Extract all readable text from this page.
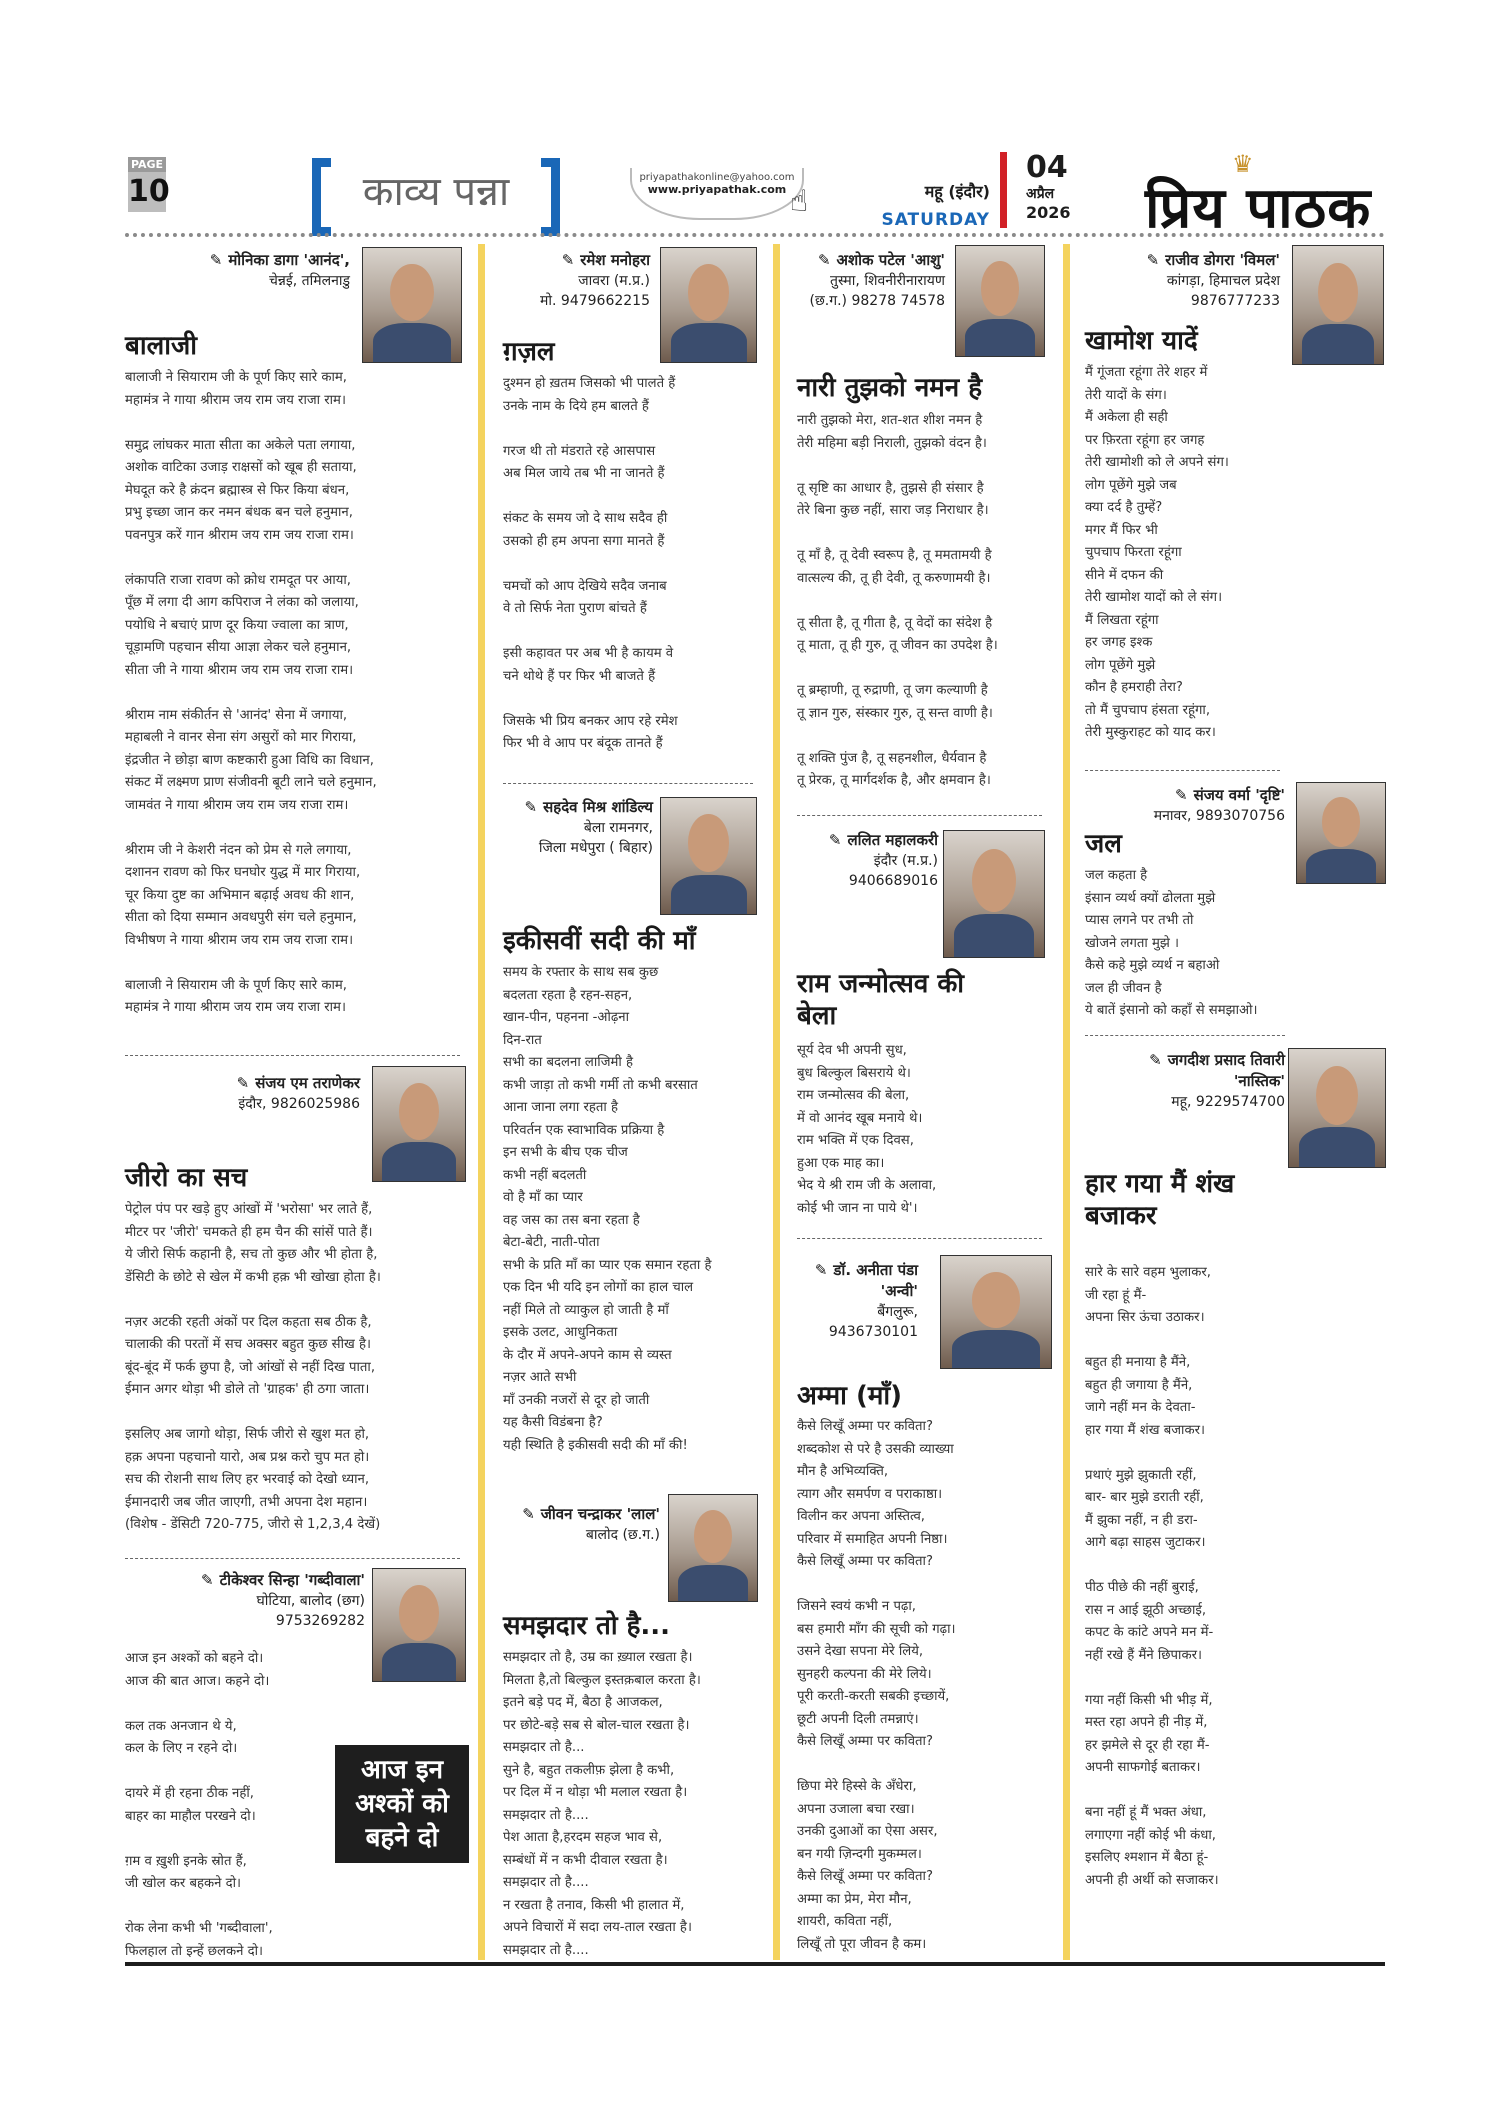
PAGE
10	काव्य पन्ना	priyapathakonline@yahoo.com
www.priyapathak.com ☝	महू (इंदौर)
SATURDAY
04
अप्रैल
2026
♛
प्रिय पाठक
✎ मोनिका डागा 'आनंद',
चेन्नई, तमिलनाडु
बालाजी
बालाजी ने सियाराम जी के पूर्ण किए सारे काम,
महामंत्र ने गाया श्रीराम जय राम जय राजा राम।

समुद्र लांघकर माता सीता का अकेले पता लगाया,
अशोक वाटिका उजाड़ राक्षसों को खूब ही सताया,
मेघदूत करे है क्रंदन ब्रह्मास्त्र से फिर किया बंधन,
प्रभु इच्छा जान कर नमन बंधक बन चले हनुमान,
पवनपुत्र करें गान श्रीराम जय राम जय राजा राम।

लंकापति राजा रावण को क्रोध रामदूत पर आया,
पूँछ में लगा दी आग कपिराज ने लंका को जलाया,
पयोधि ने बचाएं प्राण दूर किया ज्वाला का त्राण,
चूड़ामणि पहचान सीया आज्ञा लेकर चले हनुमान,
सीता जी ने गाया श्रीराम जय राम जय राजा राम।

श्रीराम नाम संकीर्तन से 'आनंद' सेना में जगाया,
महाबली ने वानर सेना संग असुरों को मार गिराया,
इंद्रजीत ने छोड़ा बाण कष्टकारी हुआ विधि का विधान,
संकट में लक्ष्मण प्राण संजीवनी बूटी लाने चले हनुमान,
जामवंत ने गाया श्रीराम जय राम जय राजा राम।

श्रीराम जी ने केशरी नंदन को प्रेम से गले लगाया,
दशानन रावण को फिर घनघोर युद्ध में मार गिराया,
चूर किया दुष्ट का अभिमान बढ़ाई अवध की शान,
सीता को दिया सम्मान अवधपुरी संग चले हनुमान,
विभीषण ने गाया श्रीराम जय राम जय राजा राम।

बालाजी ने सियाराम जी के पूर्ण किए सारे काम,
महामंत्र ने गाया श्रीराम जय राम जय राजा राम।
✎ संजय एम तराणेकर
इंदौर, 9826025986
जीरो का सच
पेट्रोल पंप पर खड़े हुए आंखों में 'भरोसा' भर लाते हैं,
मीटर पर 'जीरो' चमकते ही हम चैन की सांसें पाते हैं।
ये जीरो सिर्फ कहानी है, सच तो कुछ और भी होता है,
डेंसिटी के छोटे से खेल में कभी हक़ भी खोखा होता है।

नज़र अटकी रहती अंकों पर दिल कहता सब ठीक है,
चालाकी की परतों में सच अक्सर बहुत कुछ सीख है।
बूंद-बूंद में फर्क छुपा है, जो आंखों से नहीं दिख पाता,
ईमान अगर थोड़ा भी डोले तो 'ग्राहक' ही ठगा जाता।

इसलिए अब जागो थोड़ा, सिर्फ जीरो से खुश मत हो,
हक़ अपना पहचानो यारो, अब प्रश्न करो चुप मत हो।
सच की रोशनी साथ लिए हर भरवाई को देखो ध्यान,
ईमानदारी जब जीत जाएगी, तभी अपना देश महान।
(विशेष - डेंसिटी 720-775, जीरो से 1,2,3,4 देखें)
✎ टीकेश्वर सिन्हा 'गब्दीवाला'
घोटिया, बालोद (छग)
9753269282
आज इन अश्कों को बहने दो।
आज की बात आज। कहने दो।

कल तक अनजान थे ये,
कल के लिए न रहने दो।

दायरे में ही रहना ठीक नहीं,
बाहर का माहौल परखने दो।

ग़म व ख़ुशी इनके स्रोत हैं,
जी खोल कर बहकने दो।

रोक लेना कभी भी 'गब्दीवाला',
फिलहाल तो इन्हें छलकने दो।
आज इन
अश्कों को
बहने दो
✎ रमेश मनोहरा
जावरा (म.प्र.)
मो. 9479662215
ग़ज़ल
दुश्मन हो ख़तम जिसको भी पालते हैं
उनके नाम के दिये हम बालते हैं

गरज थी तो मंडराते रहे आसपास
अब मिल जाये तब भी ना जानते हैं

संकट के समय जो दे साथ सदैव ही
उसको ही हम अपना सगा मानते हैं

चमचों को आप देखिये सदैव जनाब
वे तो सिर्फ नेता पुराण बांचते हैं

इसी कहावत पर अब भी है कायम वे
चने थोथे हैं पर फिर भी बाजते हैं

जिसके भी प्रिय बनकर आप रहे रमेश
फिर भी वे आप पर बंदूक तानते हैं
✎ सहदेव मिश्र शांडिल्य
बेला रामनगर,
जिला मधेपुरा ( बिहार)
इकीसवीं सदी की माँ
समय के रफ्तार के साथ सब कुछ
बदलता रहता है रहन-सहन,
खान-पीन, पहनना -ओढ़ना
दिन-रात
सभी का बदलना लाजिमी है
कभी जाड़ा तो कभी गर्मी तो कभी बरसात
आना जाना लगा रहता है
परिवर्तन एक स्वाभाविक प्रक्रिया है
इन सभी के बीच एक चीज
कभी नहीं बदलती
वो है माँ का प्यार
वह जस का तस बना रहता है
बेटा-बेटी, नाती-पोता
सभी के प्रति माँ का प्यार एक समान रहता है
एक दिन भी यदि इन लोगों का हाल चाल
नहीं मिले तो व्याकुल हो जाती है माँ
इसके उलट, आधुनिकता
के दौर में अपने-अपने काम से व्यस्त
नज़र आते सभी
माँ उनकी नजरों से दूर हो जाती
यह कैसी विडंबना है?
यही स्थिति है इकीसवी सदी की माँ की!
✎ जीवन चन्द्राकर 'लाल'
बालोद (छ.ग.)
समझदार तो है...
समझदार तो है, उम्र का ख़्याल रखता है।
मिलता है,तो बिल्कुल इस्तक़बाल करता है।
इतने बड़े पद में, बैठा है आजकल,
पर छोटे-बड़े सब से बोल-चाल रखता है।
समझदार तो है...
सुने है, बहुत तकलीफ़ झेला है कभी,
पर दिल में न थोड़ा भी मलाल रखता है।
समझदार तो है....
पेश आता है,हरदम सहज भाव से,
सम्बंधों में न कभी दीवाल रखता है।
समझदार तो है....
न रखता है तनाव, किसी भी हालात में,
अपने विचारों में सदा लय-ताल रखता है।
समझदार तो है....
✎ अशोक पटेल 'आशु'
तुस्मा, शिवनीरीनारायण
(छ.ग.) 98278 74578
नारी तुझको नमन है
नारी तुझको मेरा, शत-शत शीश नमन है
तेरी महिमा बड़ी निराली, तुझको वंदन है।

तू सृष्टि का आधार है, तुझसे ही संसार है
तेरे बिना कुछ नहीं, सारा जड़ निराधार है।

तू माँ है, तू देवी स्वरूप है, तू ममतामयी है
वात्सल्य की, तू ही देवी, तू करुणामयी है।

तू सीता है, तू गीता है, तू वेदों का संदेश है
तू माता, तू ही गुरु, तू जीवन का उपदेश है।

तू ब्रम्हाणी, तू रुद्राणी, तू जग कल्याणी है
तू ज्ञान गुरु, संस्कार गुरु, तू सन्त वाणी है।

तू शक्ति पुंज है, तू सहनशील, धैर्यवान है
तू प्रेरक, तू मार्गदर्शक है, और क्षमवान है।
✎ ललित महालकरी
इंदौर (म.प्र.)
9406689016
राम जन्मोत्सव की बेला
सूर्य देव भी अपनी सुध,
बुध बिल्कुल बिसराये थे।
राम जन्मोत्सव की बेला,
में वो आनंद खूब मनाये थे।
राम भक्ति में एक दिवस,
हुआ एक माह का।
भेद ये श्री राम जी के अलावा,
कोई भी जान ना पाये थे'।
✎ डॉ. अनीता पंडा 'अन्वी'
बैंगलुरू,
9436730101
अम्मा (माँ)
कैसे लिखूँ अम्मा पर कविता?
शब्दकोश से परे है उसकी व्याख्या
मौन है अभिव्यक्ति,
त्याग और समर्पण व पराकाष्ठा।
विलीन कर अपना अस्तित्व,
परिवार में समाहित अपनी निष्ठा।
कैसे लिखूँ अम्मा पर कविता?

जिसने स्वयं कभी न पढ़ा,
बस हमारी माँग की सूची को गढ़ा।
उसने देखा सपना मेरे लिये,
सुनहरी कल्पना की मेरे लिये।
पूरी करती-करती सबकी इच्छायें,
छूटी अपनी दिली तमन्नाएं।
कैसे लिखूँ अम्मा पर कविता?

छिपा मेरे हिस्से के अँधेरा,
अपना उजाला बचा रखा।
उनकी दुआओं का ऐसा असर,
बन गयी ज़िन्दगी मुकम्मल।
कैसे लिखूँ अम्मा पर कविता?
अम्मा का प्रेम, मेरा मौन,
शायरी, कविता नहीं,
लिखूँ तो पूरा जीवन है कम।
✎ राजीव डोगरा 'विमल'
कांगड़ा, हिमाचल प्रदेश
9876777233
खामोश यादें
मैं गूंजता रहूंगा तेरे शहर में
तेरी यादों के संग।
मैं अकेला ही सही
पर फ़िरता रहूंगा हर जगह
तेरी खामोशी को ले अपने संग।
लोग पूछेंगे मुझे जब
क्या दर्द है तुम्हें?
मगर मैं फिर भी
चुपचाप फिरता रहूंगा
सीने में दफन की
तेरी खामोश यादों को ले संग।
मैं लिखता रहूंगा
हर जगह इश्क
लोग पूछेंगे मुझे
कौन है हमराही तेरा?
तो मैं चुपचाप हंसता रहूंगा,
तेरी मुस्कुराहट को याद कर।
✎ संजय वर्मा 'दृष्टि'
मनावर, 9893070756
जल
जल कहता है
इंसान व्यर्थ क्यों ढोलता मुझे
प्यास लगने पर तभी तो
खोजने लगता मुझे ।
कैसे कहे मुझे व्यर्थ न बहाओ
जल ही जीवन है
ये बातें इंसानो को कहाँ से समझाओ।
✎ जगदीश प्रसाद तिवारी 'नास्तिक'
महू, 9229574700
हार गया मैं शंख बजाकर
सारे के सारे वहम भुलाकर,
जी रहा हूं मैं-
अपना सिर ऊंचा उठाकर।

बहुत ही मनाया है मैंने,
बहुत ही जगाया है मैंने,
जागे नहीं मन के देवता-
हार गया मैं शंख बजाकर।

प्रथाएं मुझे झुकाती रहीं,
बार- बार मुझे डराती रहीं,
मैं झुका नहीं, न ही डरा-
आगे बढ़ा साहस जुटाकर।

पीठ पीछे की नहीं बुराई,
रास न आई झूठी अच्छाई,
कपट के कांटे अपने मन में-
नहीं रखे हैं मैंने छिपाकर।

गया नहीं किसी भी भीड़ में,
मस्त रहा अपने ही नीड़ में,
हर झमेले से दूर ही रहा मैं-
अपनी साफगोई बताकर।

बना नहीं हूं मैं भक्त अंधा,
लगाएगा नहीं कोई भी कंधा,
इसलिए श्मशान में बैठा हूं-
अपनी ही अर्थी को सजाकर।
